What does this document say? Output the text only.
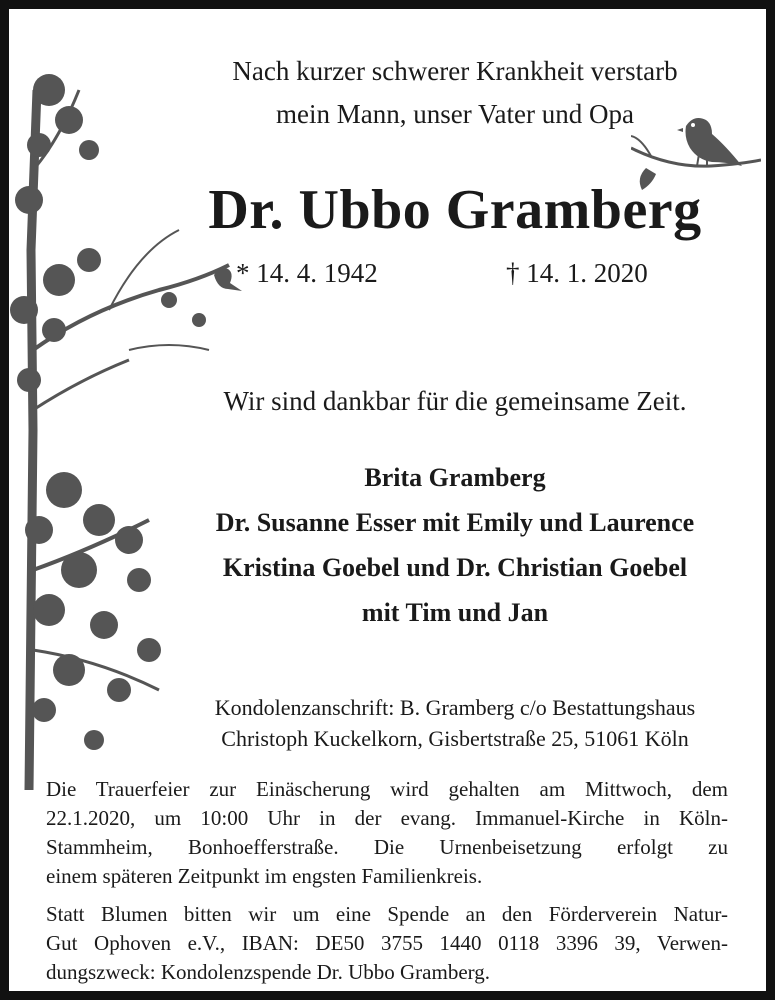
Nach kurzer schwerer Krankheit verstarb
mein Mann, unser Vater und Opa
Dr. Ubbo Gramberg
* 14. 4. 1942	† 14. 1. 2020
Wir sind dankbar für die gemeinsame Zeit.
Brita Gramberg
Dr. Susanne Esser mit Emily und Laurence
Kristina Goebel und Dr. Christian Goebel
mit Tim und Jan
Kondolenzanschrift: B. Gramberg c/o Bestattungshaus
Christoph Kuckelkorn, Gisbertstraße 25, 51061 Köln
Die Trauerfeier zur Einäscherung wird gehalten am Mittwoch, dem
22.1.2020, um 10:00 Uhr in der evang. Immanuel-Kirche in Köln-
Stammheim, Bonhoefferstraße. Die Urnenbeisetzung erfolgt zu
einem späteren Zeitpunkt im engsten Familienkreis.
Statt Blumen bitten wir um eine Spende an den Förderverein Natur-
Gut Ophoven e.V., IBAN: DE50 3755 1440 0118 3396 39, Verwen-
dungszweck: Kondolenzspende Dr. Ubbo Gramberg.
